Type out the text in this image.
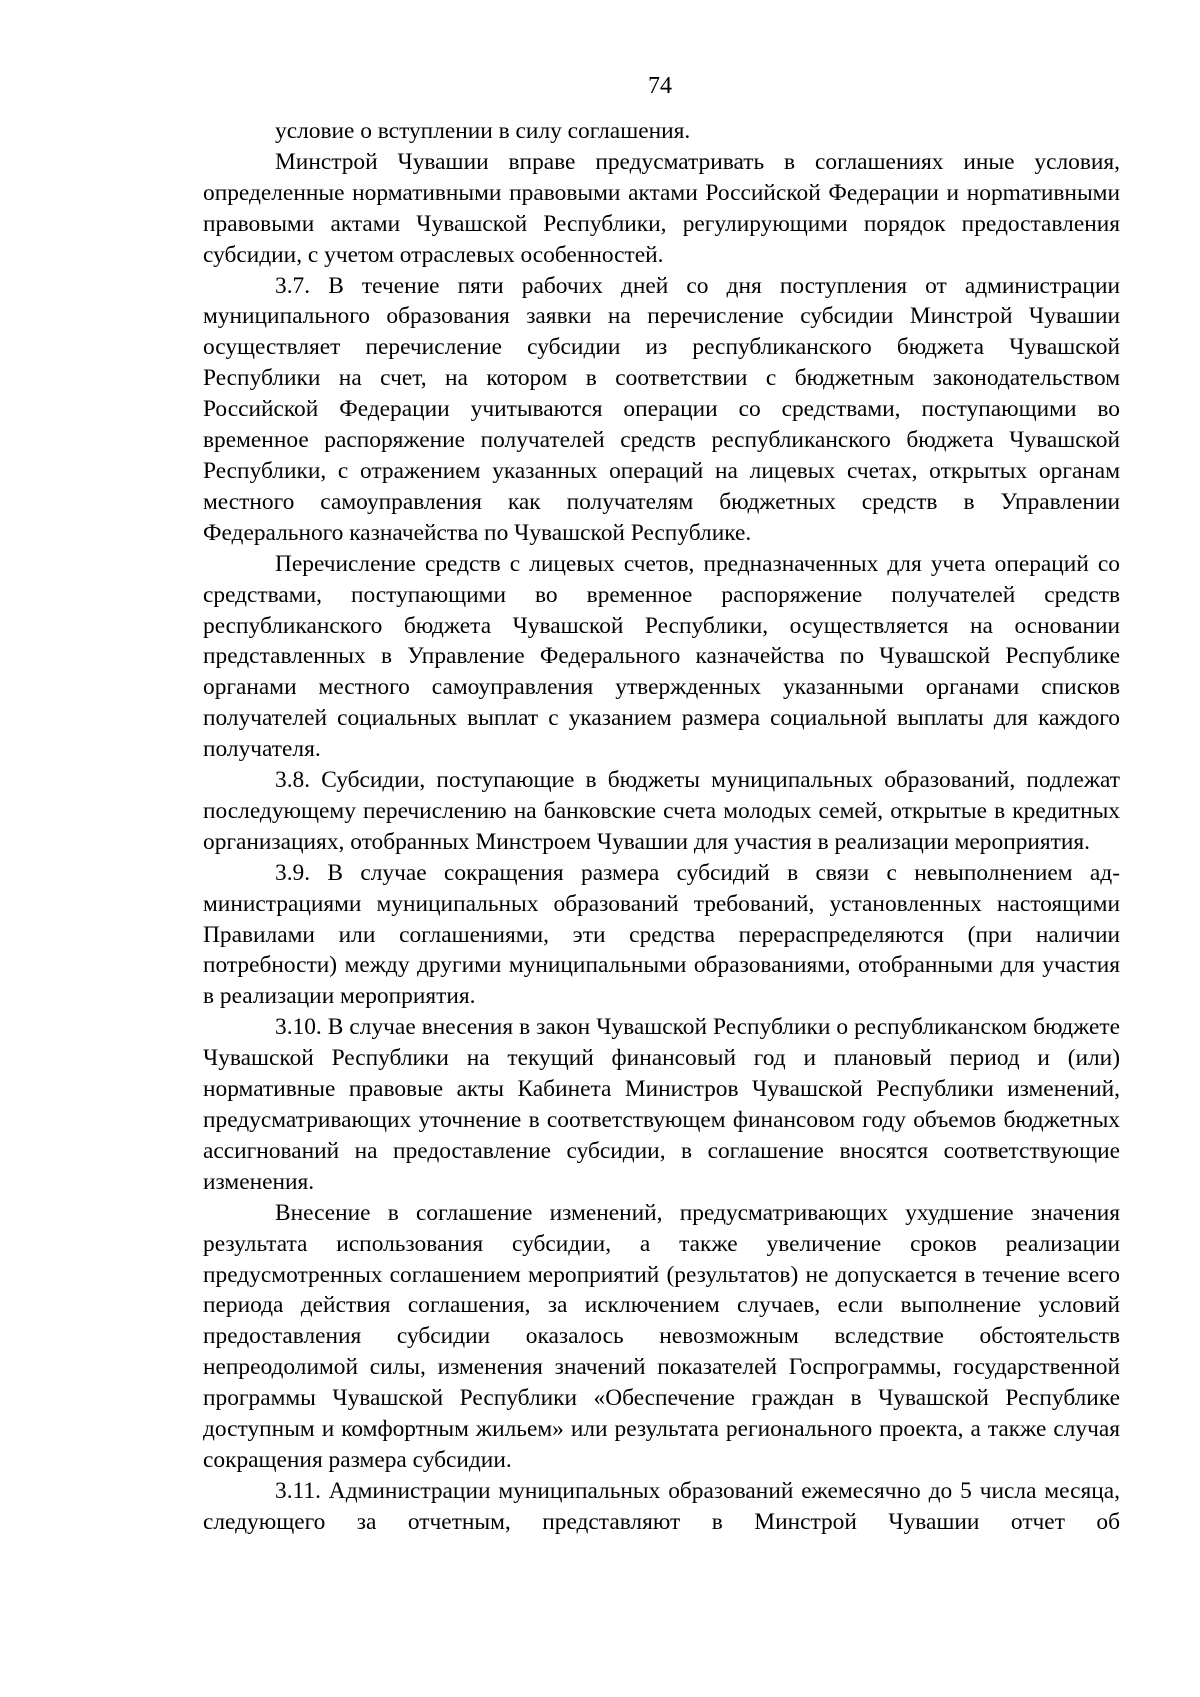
74

условие о вступлении в силу соглашения.

Минстрой Чувашии вправе предусматривать в соглашениях иные условия, определенные нормативными правовыми актами Российской Федерации и норmативными правовыми актами Чувашской Республики, регулирующими порядок предоставления субсидии, с учетом отраслевых особенностей.

3.7. В течение пяти рабочих дней со дня поступления от администрации муниципального образования заявки на перечисление субсидии Минстрой Чувашии осуществляет перечисление субсидии из республиканского бюджета Чувашской Республики на счет, на котором в соответствии с бюджетным законодательством Российской Федерации учитываются операции со средствами, поступающими во временное распоряжение получателей средств республиканского бюджета Чувашской Республики, с отражением указанных операций на лицевых счетах, открытых органам местного самоуправления как получателям бюджетных средств в Управлении Федерального казначейства по Чувашской Республике.

Перечисление средств с лицевых счетов, предназначенных для учета операций со средствами, поступающими во временное распоряжение получателей средств республиканского бюджета Чувашской Республики, осуществляется на основании представленных в Управление Федерального казначейства по Чувашской Республике органами местного самоуправления утвержденных указанными органами списков получателей социальных выплат с указанием размера социальной выплаты для каждого получателя.

3.8. Субсидии, поступающие в бюджеты муниципальных образований, подлежат последующему перечислению на банковские счета молодых семей, открытые в кредитных организациях, отобранных Минстроем Чувашии для участия в реализации мероприятия.

3.9. В случае сокращения размера субсидий в связи с невыполнением администрациями муниципальных образований требований, установленных настоящими Правилами или соглашениями, эти средства перераспределяются (при наличии потребности) между другими муниципальными образованиями, отобранными для участия в реализации мероприятия.

3.10. В случае внесения в закон Чувашской Республики о республиканском бюджете Чувашской Республики на текущий финансовый год и плановый период и (или) нормативные правовые акты Кабинета Министров Чувашской Республики изменений, предусматривающих уточнение в соответствующем финансовом году объемов бюджетных ассигнований на предоставление субсидии, в соглашение вносятся соответствующие изменения.

Внесение в соглашение изменений, предусматривающих ухудшение значения результата использования субсидии, а также увеличение сроков реализации предусмотренных соглашением мероприятий (результатов) не допускается в течение всего периода действия соглашения, за исключением случаев, если выполнение условий предоставления субсидии оказалось невозможным вследствие обстоятельств непреодолимой силы, изменения значений показателей Госпрограммы, государственной программы Чувашской Республики «Обеспечение граждан в Чувашской Республике доступным и комфортным жильем» или результата регионального проекта, а также случая сокращения размера субсидии.

3.11. Администрации муниципальных образований ежемесячно до 5 числа месяца, следующего за отчетным, представляют в Минстрой Чувашии отчет об
